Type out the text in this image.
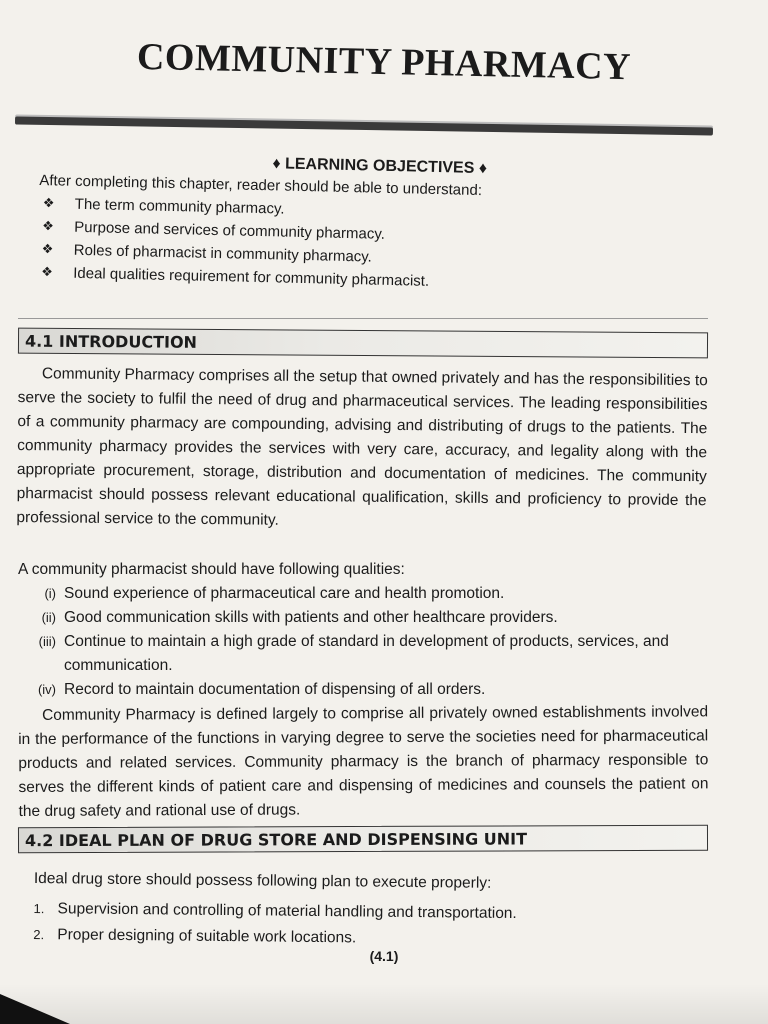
COMMUNITY PHARMACY

♦ LEARNING OBJECTIVES ♦

After completing this chapter, reader should be able to understand:

❖	The term community pharmacy.
❖	Purpose and services of community pharmacy.
❖	Roles of pharmacist in community pharmacy.
❖	Ideal qualities requirement for community pharmacist.
4.1 INTRODUCTION

Community Pharmacy comprises all the setup that owned privately and has the responsibilities to serve the society to fulfil the need of drug and pharmaceutical services. The leading responsibilities of a community pharmacy are compounding, advising and distributing of drugs to the patients. The community pharmacy provides the services with very care, accuracy, and legality along with the appropriate procurement, storage, distribution and documentation of medicines. The community pharmacist should possess relevant educational qualification, skills and proficiency to provide the professional service to the community.

A community pharmacist should have following qualities:

(i) Sound experience of pharmaceutical care and health promotion.
(ii) Good communication skills with patients and other healthcare providers.
(iii) Continue to maintain a high grade of standard in development of products, services, and communication.
(iv) Record to maintain documentation of dispensing of all orders.

Community Pharmacy is defined largely to comprise all privately owned establishments involved in the performance of the functions in varying degree to serve the societies need for pharmaceutical products and related services. Community pharmacy is the branch of pharmacy responsible to serves the different kinds of patient care and dispensing of medicines and counsels the patient on the drug safety and rational use of drugs.

4.2 IDEAL PLAN OF DRUG STORE AND DISPENSING UNIT

Ideal drug store should possess following plan to execute properly:

1. Supervision and controlling of material handling and transportation.
2. Proper designing of suitable work locations.
(4.1)
